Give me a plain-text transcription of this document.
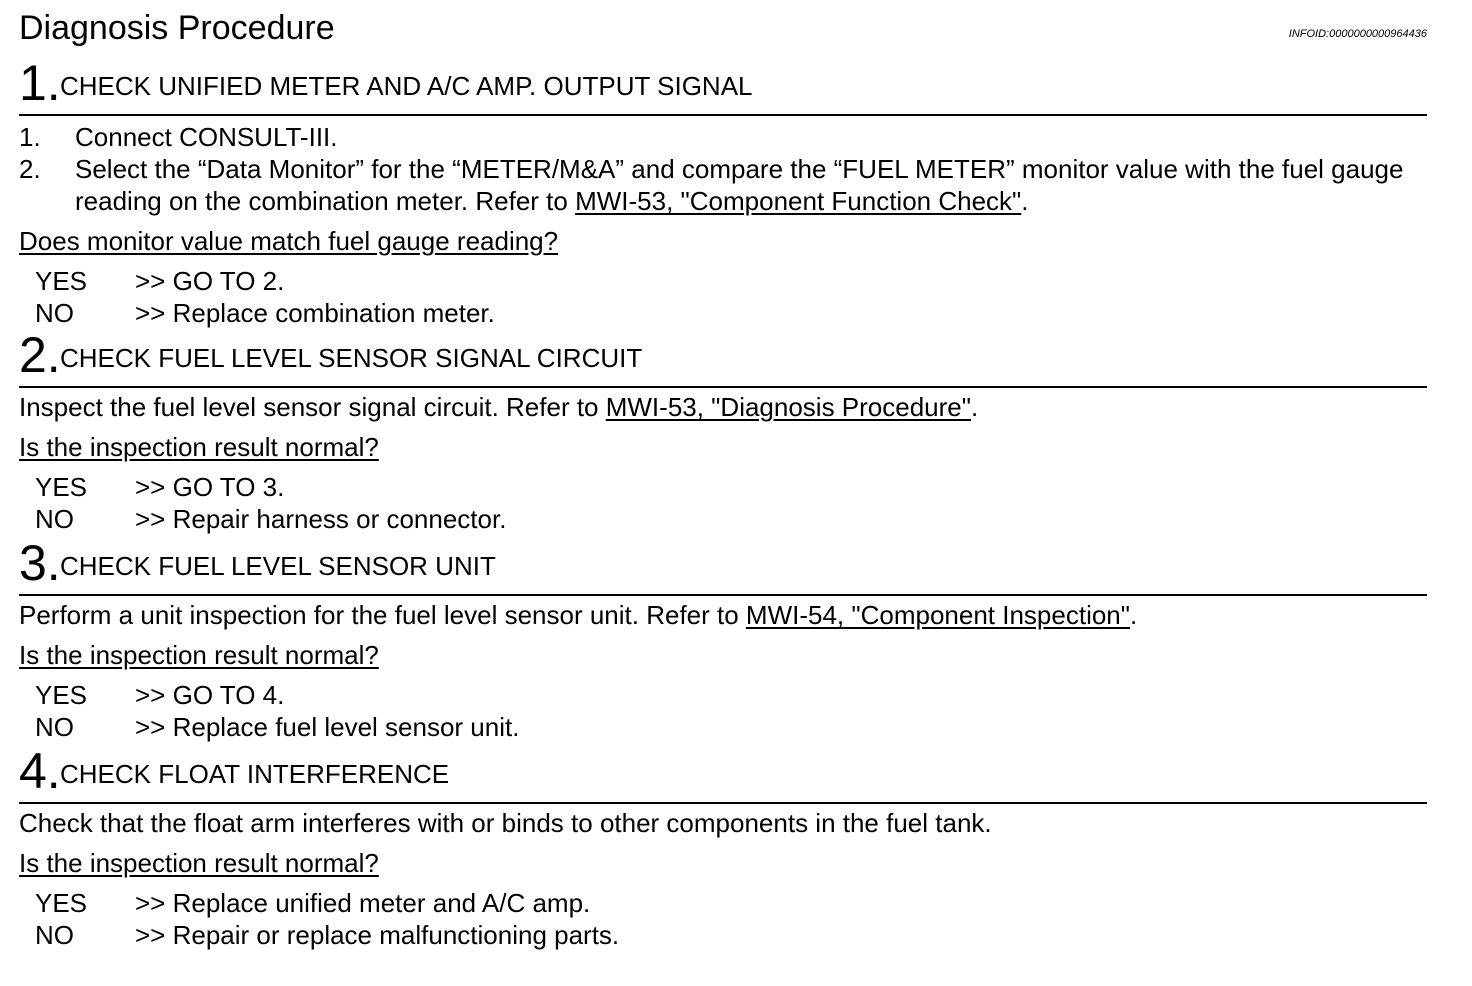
Diagnosis Procedure	INFOID:0000000000964436
1. CHECK UNIFIED METER AND A/C AMP. OUTPUT SIGNAL
1. Connect CONSULT-III.
2. Select the “Data Monitor” for the “METER/M&A” and compare the “FUEL METER” monitor value with the fuel gauge reading on the combination meter. Refer to MWI-53, "Component Function Check".
Does monitor value match fuel gauge reading?
YES >> GO TO 2.
NO >> Replace combination meter.
2. CHECK FUEL LEVEL SENSOR SIGNAL CIRCUIT
Inspect the fuel level sensor signal circuit. Refer to MWI-53, "Diagnosis Procedure".
Is the inspection result normal?
YES >> GO TO 3.
NO >> Repair harness or connector.
3. CHECK FUEL LEVEL SENSOR UNIT
Perform a unit inspection for the fuel level sensor unit. Refer to MWI-54, "Component Inspection".
Is the inspection result normal?
YES >> GO TO 4.
NO >> Replace fuel level sensor unit.
4. CHECK FLOAT INTERFERENCE
Check that the float arm interferes with or binds to other components in the fuel tank.
Is the inspection result normal?
YES >> Replace unified meter and A/C amp.
NO >> Repair or replace malfunctioning parts.
